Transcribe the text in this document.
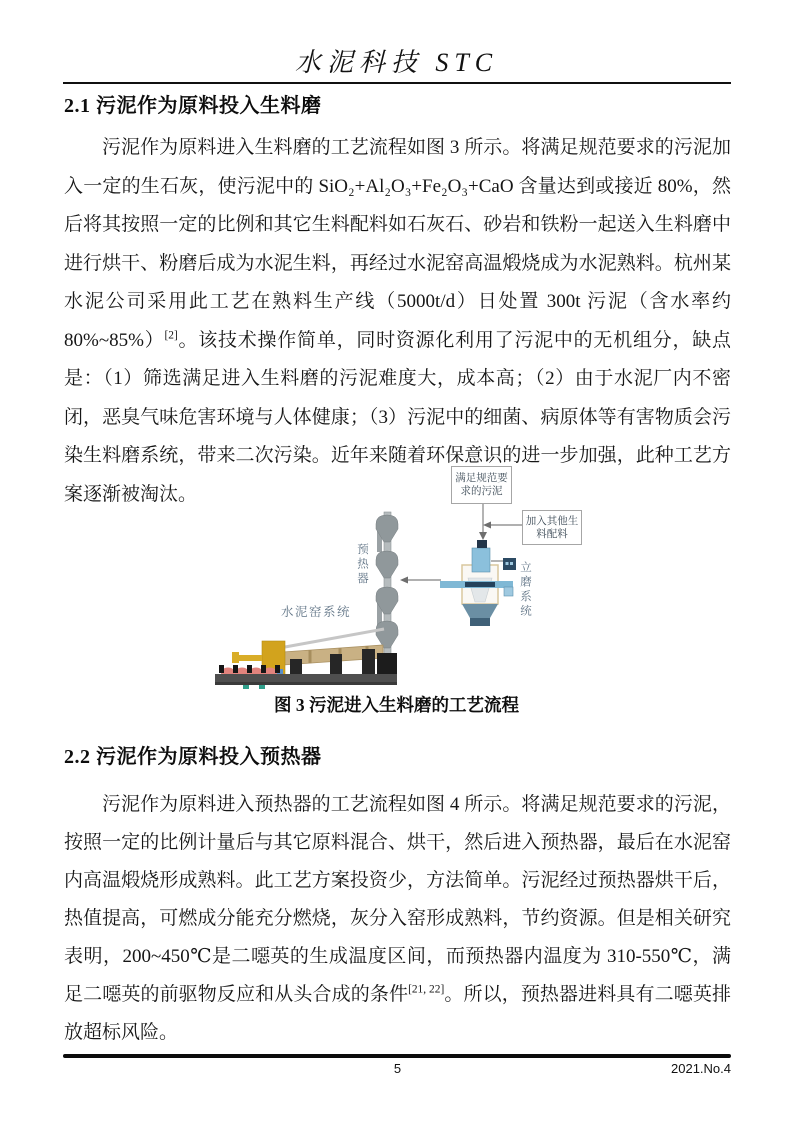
水泥科技 STC
2.1 污泥作为原料投入生料磨
污泥作为原料进入生料磨的工艺流程如图 3 所示。将满足规范要求的污泥加入一定的生石灰，使污泥中的 SiO₂+Al₂O₃+Fe₂O₃+CaO 含量达到或接近 80%，然后将其按照一定的比例和其它生料配料如石灰石、砂岩和铁粉一起送入生料磨中进行烘干、粉磨后成为水泥生料，再经过水泥窑高温煅烧成为水泥熟料。杭州某水泥公司采用此工艺在熟料生产线（5000t/d）日处置 300t 污泥（含水率约 80%~85%）[2]。该技术操作简单，同时资源化利用了污泥中的无机组分，缺点是：（1）筛选满足进入生料磨的污泥难度大，成本高；（2）由于水泥厂内不密闭，恶臭气味危害环境与人体健康；（3）污泥中的细菌、病原体等有害物质会污染生料磨系统，带来二次污染。近年来随着环保意识的进一步加强，此种工艺方案逐渐被淘汰。
满足规范要求的污泥
加入其他生料配料
预热器	立磨系统
水泥窑系统
图 3 污泥进入生料磨的工艺流程
2.2 污泥作为原料投入预热器
污泥作为原料进入预热器的工艺流程如图 4 所示。将满足规范要求的污泥，按照一定的比例计量后与其它原料混合、烘干，然后进入预热器，最后在水泥窑内高温煅烧形成熟料。此工艺方案投资少，方法简单。污泥经过预热器烘干后，热值提高，可燃成分能充分燃烧，灰分入窑形成熟料，节约资源。但是相关研究表明，200~450℃是二噁英的生成温度区间，而预热器内温度为 310-550℃，满足二噁英的前驱物反应和从头合成的条件[21, 22]。所以，预热器进料具有二噁英排放超标风险。
5	2021.No.4
